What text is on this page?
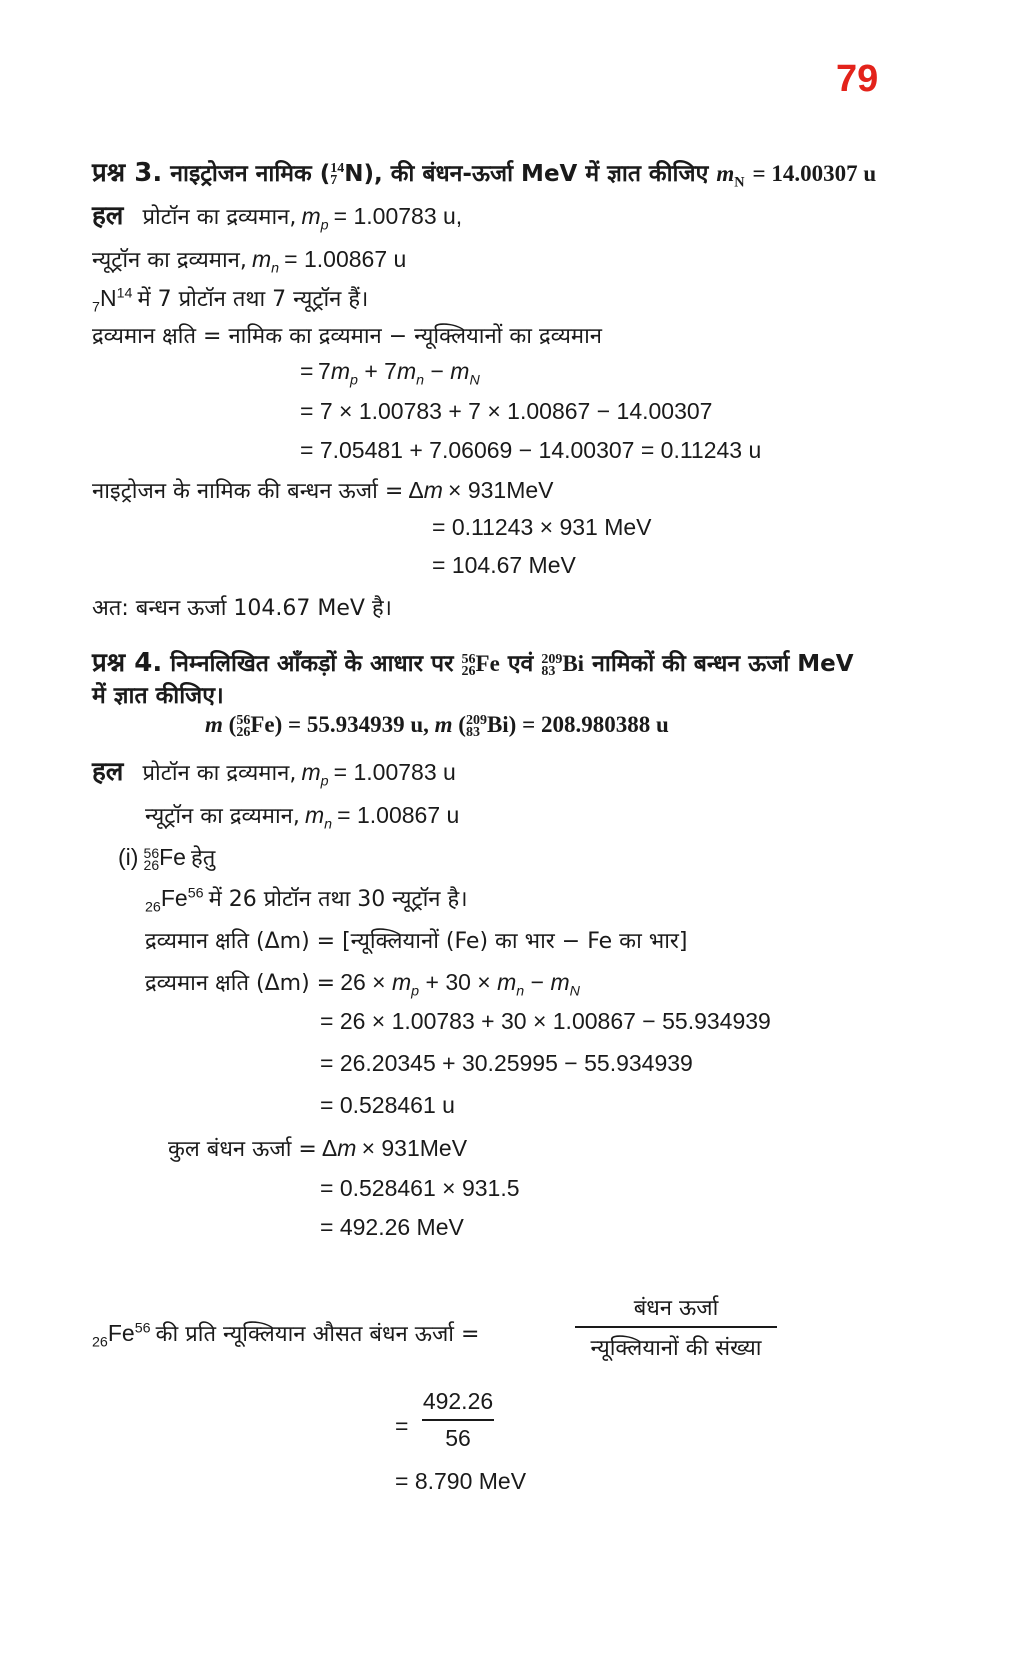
79
प्रश्न 3. नाइट्रोजन नामिक (14
7 N), की बंधन-ऊर्जा MeV में ज्ञात कीजिए $m_N = 14.00307$ u
हल प्रोटॉन का द्रव्यमान, $m_p = 1.00783$ u,
न्यूट्रॉन का द्रव्यमान, $m_n = 1.00867$ u
$_7N^{14}$ में 7 प्रोटॉन तथा 7 न्यूट्रॉन हैं।
द्रव्यमान क्षति = नामिक का द्रव्यमान − न्यूक्लियानों का द्रव्यमान
= $7m_p + 7m_n - m_N$
= 7 × 1.00783 + 7 × 1.00867 − 14.00307
= 7.05481 + 7.06069 − 14.00307 = 0.11243 u
नाइट्रोजन के नामिक की बन्धन ऊर्जा = Δm × 931MeV
= 0.11243 × 931 MeV
= 104.67 MeV
अत: बन्धन ऊर्जा 104.67 MeV है।
प्रश्न 4. निम्नलिखित आँकड़ों के आधार पर 56
26Fe एवं 209
83 Bi नामिकों की बन्धन ऊर्जा MeV
में ज्ञात कीजिए।
m (56
26Fe) = 55.934939 u, m (209
83 Bi) = 208.980388 u
हल प्रोटॉन का द्रव्यमान, $m_p = 1.00783$ u
न्यूट्रॉन का द्रव्यमान, $m_n = 1.00867$ u
(i) 56
26Fe हेतु
$_{26}Fe^{56}$ में 26 प्रोटॉन तथा 30 न्यूट्रॉन है।
द्रव्यमान क्षति (Δm) = [न्यूक्लियानों (Fe) का भार − Fe का भार]
द्रव्यमान क्षति $(\Delta m) = 26 \times m_p + 30 \times m_n - m_N$
= 26 × 1.00783 + 30 × 1.00867 − 55.934939
= 26.20345 + 30.25995 − 55.934939
= 0.528461 u
कुल बंधन ऊर्जा = Δm × 931MeV
= 0.528461 × 931.5
= 492.26 MeV
$_{26}Fe^{56}$ की प्रति न्यूक्लियान औसत बंधन ऊर्जा =
बंधन ऊर्जा
न्यूक्लियानों की संख्या
=
492.26
56
= 8.790 MeV
